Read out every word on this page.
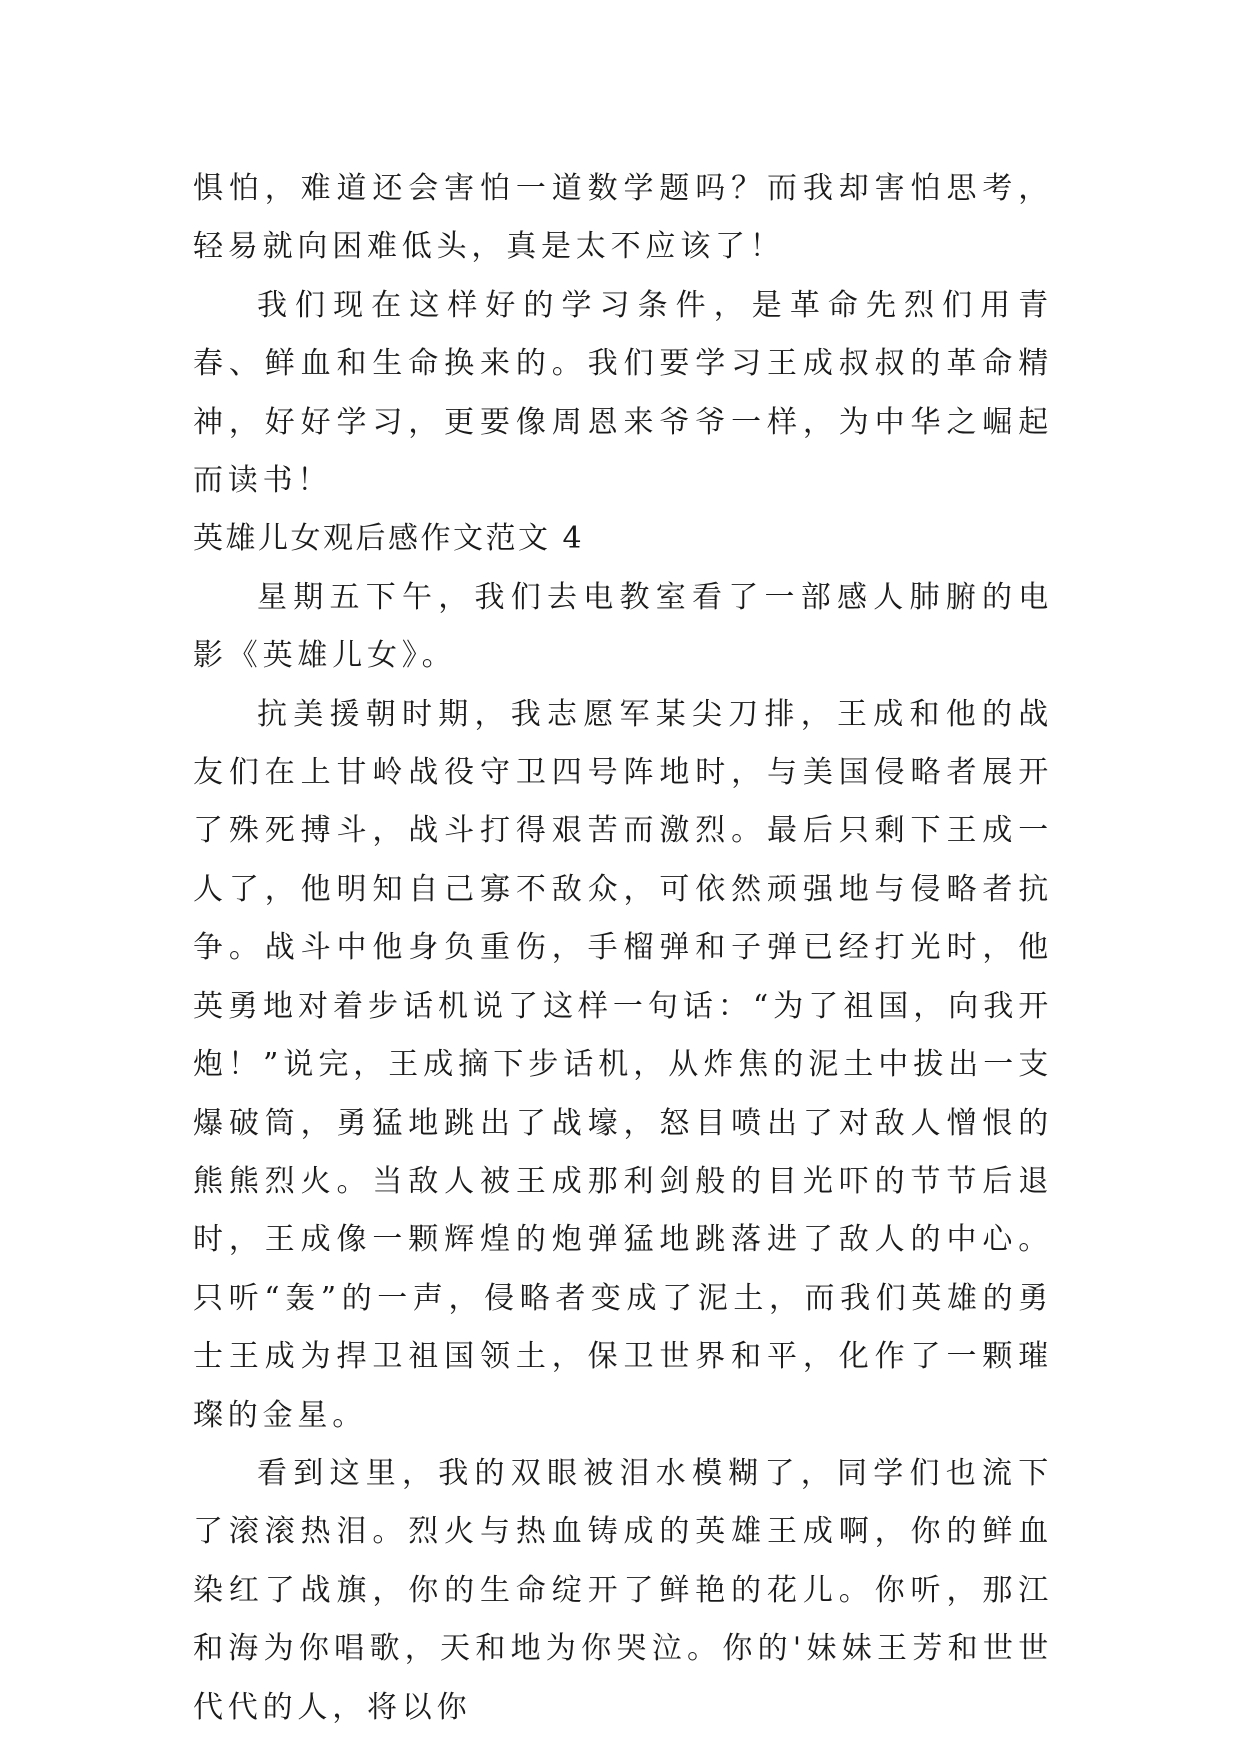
惧怕，难道还会害怕一道数学题吗？而我却害怕思考，轻易就向困难低头，真是太不应该了！

我们现在这样好的学习条件，是革命先烈们用青春、鲜血和生命换来的。我们要学习王成叔叔的革命精神，好好学习，更要像周恩来爷爷一样，为中华之崛起而读书！

英雄儿女观后感作文范文 4

星期五下午，我们去电教室看了一部感人肺腑的电影《英雄儿女》。

抗美援朝时期，我志愿军某尖刀排，王成和他的战友们在上甘岭战役守卫四号阵地时，与美国侵略者展开了殊死搏斗，战斗打得艰苦而激烈。最后只剩下王成一人了，他明知自己寡不敌众，可依然顽强地与侵略者抗争。战斗中他身负重伤，手榴弹和子弹已经打光时，他英勇地对着步话机说了这样一句话：“为了祖国，向我开炮！”说完，王成摘下步话机，从炸焦的泥土中拔出一支爆破筒，勇猛地跳出了战壕，怒目喷出了对敌人憎恨的熊熊烈火。当敌人被王成那利剑般的目光吓的节节后退时，王成像一颗辉煌的炮弹猛地跳落进了敌人的中心。只听“轰”的一声，侵略者变成了泥土，而我们英雄的勇士王成为捍卫祖国领土，保卫世界和平，化作了一颗璀璨的金星。

看到这里，我的双眼被泪水模糊了，同学们也流下了滚滚热泪。烈火与热血铸成的英雄王成啊，你的鲜血染红了战旗，你的生命绽开了鲜艳的花儿。你听，那江和海为你唱歌，天和地为你哭泣。你的'妹妹王芳和世世代代的人，将以你
